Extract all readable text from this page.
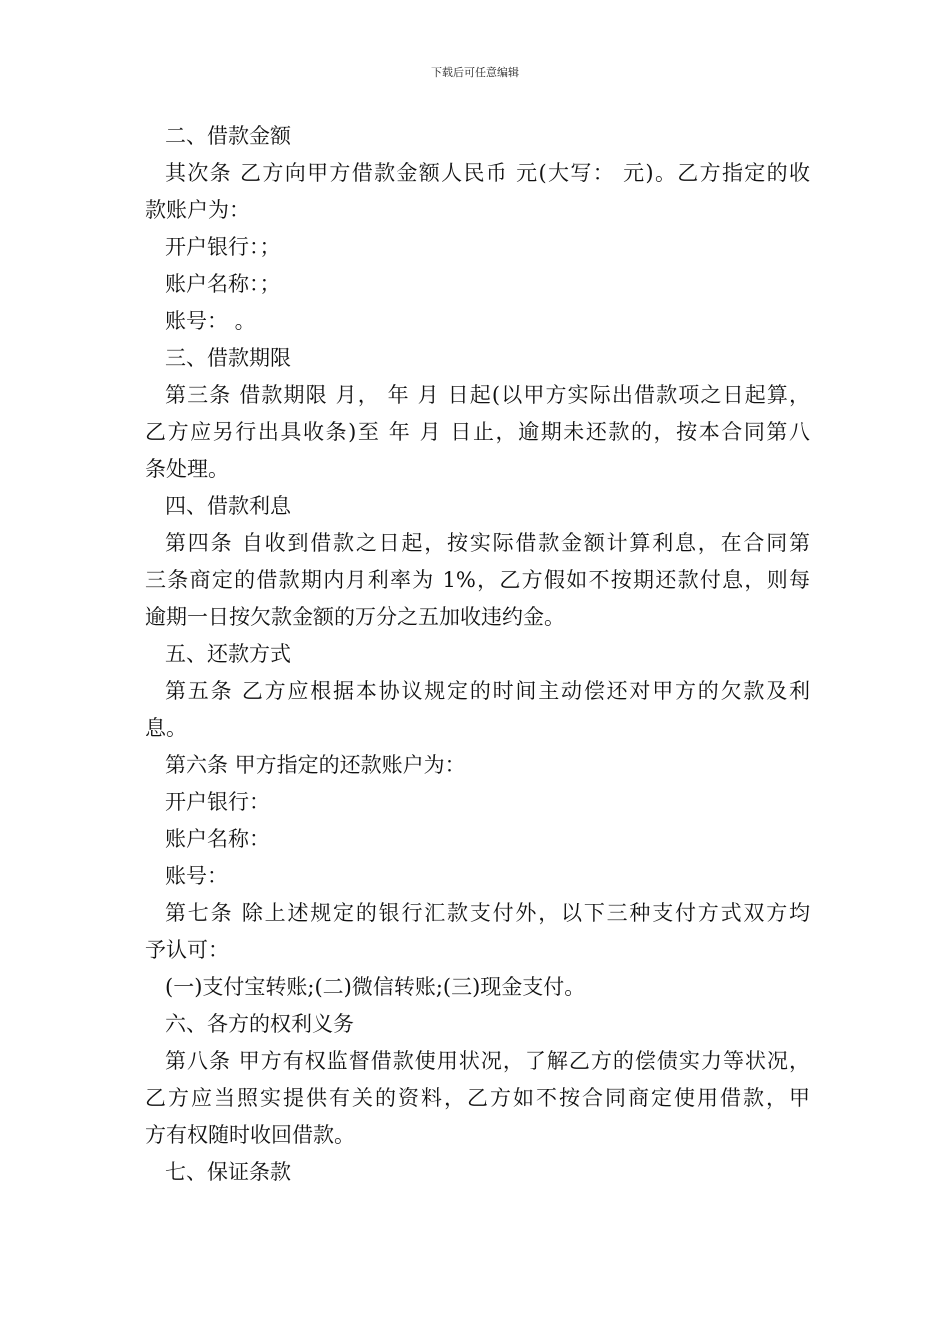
下载后可任意编辑
二、借款金额
其次条 乙方向甲方借款金额人民币 元(大写： 元)。乙方指定的收
款账户为：
开户银行：；
账户名称：；
账号： 。
三、借款期限
第三条 借款期限 月， 年 月 日起(以甲方实际出借款项之日起算，
乙方应另行出具收条)至 年 月 日止，逾期未还款的，按本合同第八
条处理。
四、借款利息
第四条 自收到借款之日起，按实际借款金额计算利息，在合同第
三条商定的借款期内月利率为 1%，乙方假如不按期还款付息，则每
逾期一日按欠款金额的万分之五加收违约金。
五、还款方式
第五条 乙方应根据本协议规定的时间主动偿还对甲方的欠款及利
息。
第六条 甲方指定的还款账户为：
开户银行：
账户名称：
账号：
第七条 除上述规定的银行汇款支付外，以下三种支付方式双方均
予认可：
(一)支付宝转账;(二)微信转账;(三)现金支付。
六、各方的权利义务
第八条 甲方有权监督借款使用状况，了解乙方的偿债实力等状况，
乙方应当照实提供有关的资料，乙方如不按合同商定使用借款，甲
方有权随时收回借款。
七、保证条款
